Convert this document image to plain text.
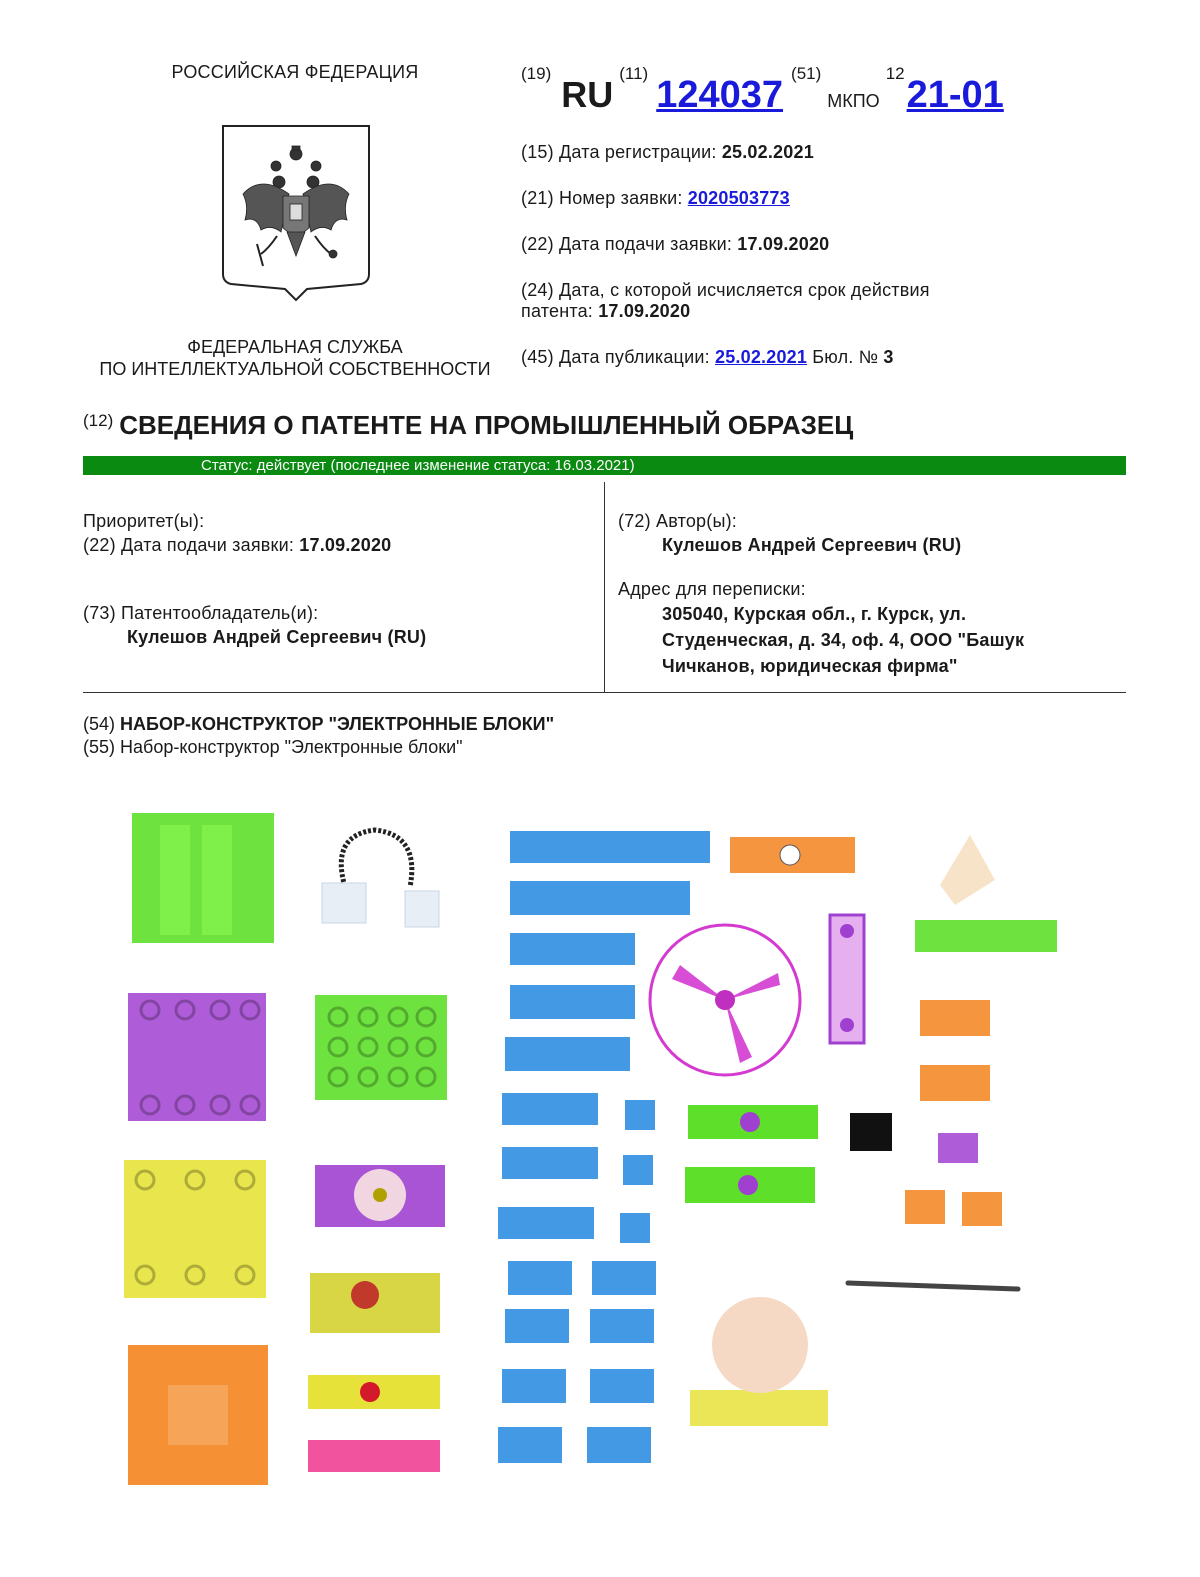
РОССИЙСКАЯ ФЕДЕРАЦИЯ
ФЕДЕРАЛЬНАЯ СЛУЖБА
ПО ИНТЕЛЛЕКТУАЛЬНОЙ СОБСТВЕННОСТИ
(19)RU(11)124037(51)МКПО1221-01
(15) Дата регистрации: 25.02.2021
(21) Номер заявки: 2020503773
(22) Дата подачи заявки: 17.09.2020
(24) Дата, с которой исчисляется срок действия
патента: 17.09.2020
(45) Дата публикации: 25.02.2021 Бюл. № 3
$^{(12)}$ СВЕДЕНИЯ О ПАТЕНТЕ НА ПРОМЫШЛЕННЫЙ ОБРАЗЕЦ
Статус: действует (последнее изменение статуса: 16.03.2021)
Приоритет(ы):
(22) Дата подачи заявки: 17.09.2020
(73) Патентообладатель(и):
Кулешов Андрей Сергеевич (RU)
(72) Автор(ы):
Кулешов Андрей Сергеевич (RU)
Адрес для переписки:
305040, Курская обл., г. Курск, ул.
Студенческая, д. 34, оф. 4, ООО "Башук
Чичканов, юридическая фирма"
(54) НАБОР-КОНСТРУКТОР "ЭЛЕКТРОННЫЕ БЛОКИ"
(55) Набор-конструктор "Электронные блоки"
